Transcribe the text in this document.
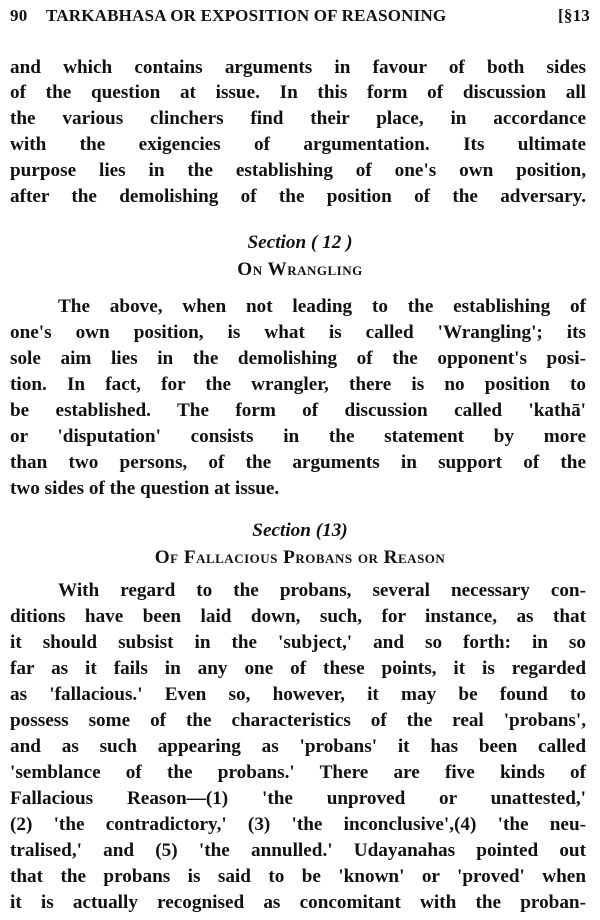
90 TARKABHASA OR EXPOSITION OF REASONING	[§13
and which contains arguments in favour of both sides
of the question at issue. In this form of discussion all
the various clinchers find their place, in accordance
with the exigencies of argumentation. Its ultimate
purpose lies in the establishing of one's own position,
after the demolishing of the position of the adversary.
Section ( 12 )
On Wrangling
The above, when not leading to the establishing of
one's own position, is what is called 'Wrangling'; its
sole aim lies in the demolishing of the opponent's posi-
tion. In fact, for the wrangler, there is no position to
be established. The form of discussion called 'kathā'
or 'disputation' consists in the statement by more
than two persons, of the arguments in support of the
two sides of the question at issue.
Section (13)
Of Fallacious Probans or Reason
With regard to the probans, several necessary con-
ditions have been laid down, such, for instance, as that
it should subsist in the 'subject,' and so forth: in so
far as it fails in any one of these points, it is regarded
as 'fallacious.' Even so, however, it may be found to
possess some of the characteristics of the real 'probans',
and as such appearing as 'probans' it has been called
'semblance of the probans.' There are five kinds of
Fallacious Reason—(1) 'the unproved or unattested,'
(2) 'the contradictory,' (3) 'the inconclusive',(4) 'the neu-
tralised,' and (5) 'the annulled.' Udayanahas pointed out
that the probans is said to be 'known' or 'proved' when
it is actually recognised as concomitant with the proban-
